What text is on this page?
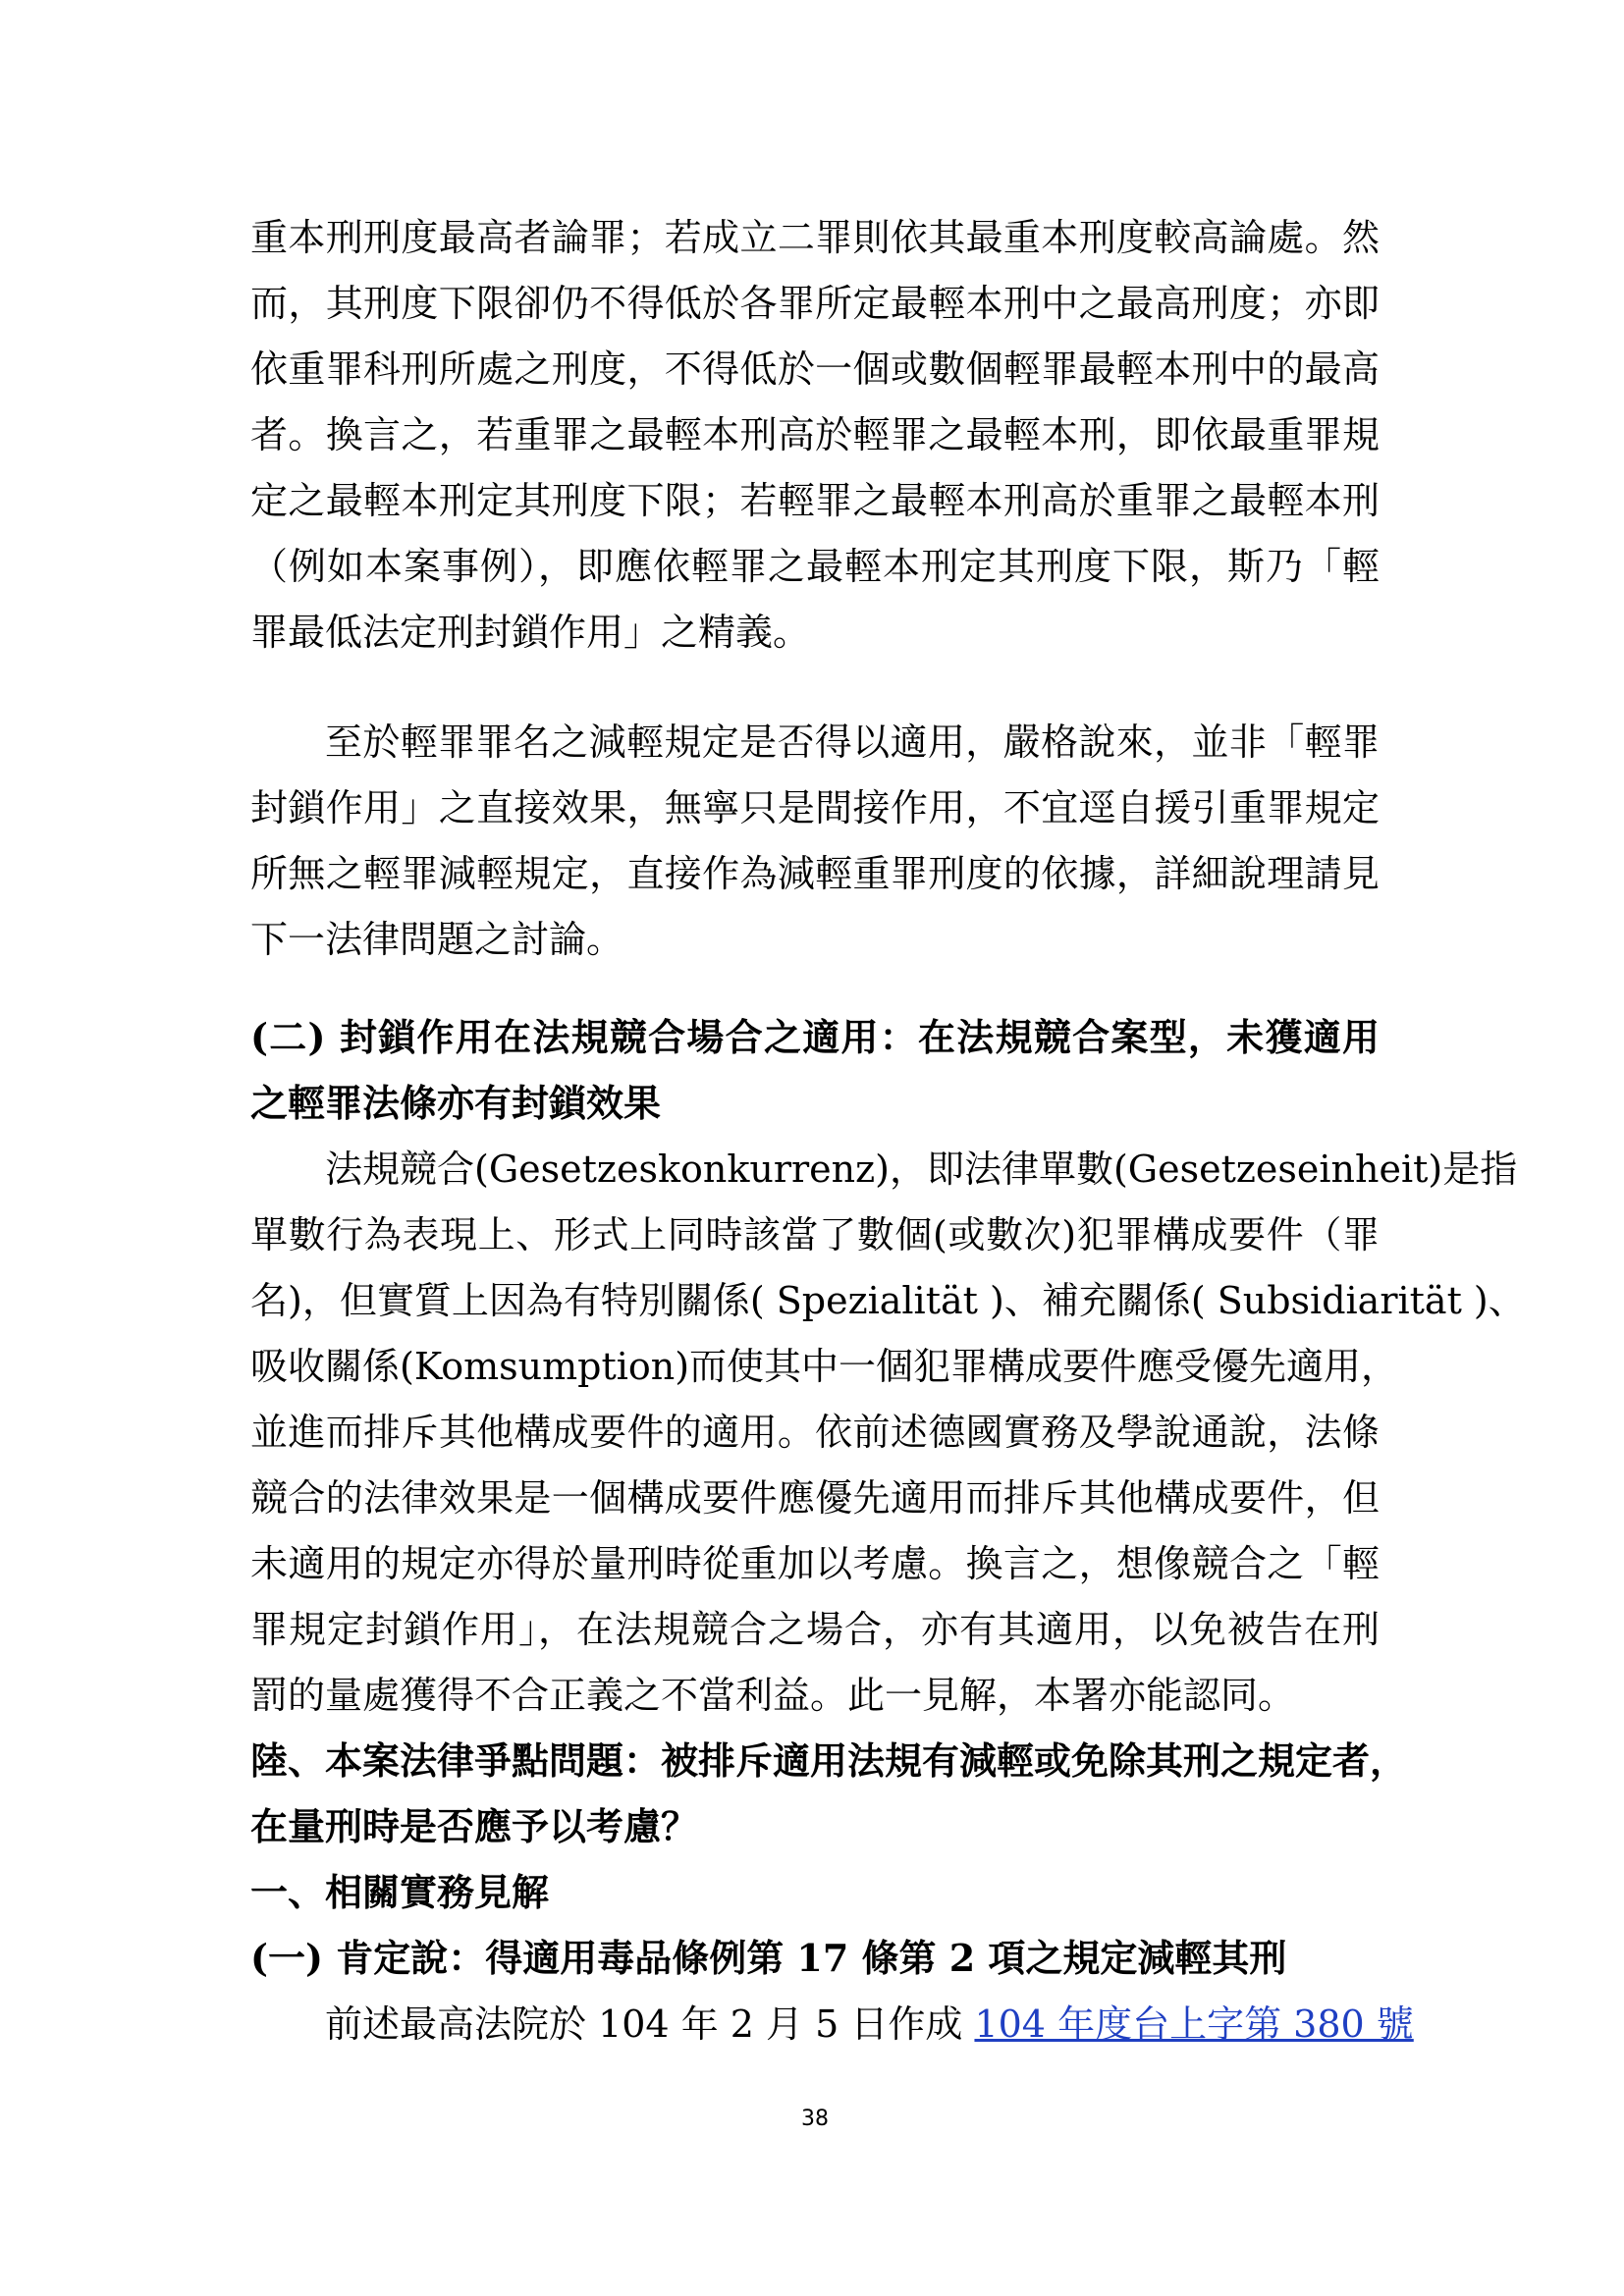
重本刑刑度最高者論罪；若成立二罪則依其最重本刑度較高論處。然
而，其刑度下限卻仍不得低於各罪所定最輕本刑中之最高刑度；亦即
依重罪科刑所處之刑度，不得低於一個或數個輕罪最輕本刑中的最高
者。換言之，若重罪之最輕本刑高於輕罪之最輕本刑，即依最重罪規
定之最輕本刑定其刑度下限；若輕罪之最輕本刑高於重罪之最輕本刑
（例如本案事例），即應依輕罪之最輕本刑定其刑度下限，斯乃「輕
罪最低法定刑封鎖作用」之精義。
至於輕罪罪名之減輕規定是否得以適用，嚴格說來，並非「輕罪
封鎖作用」之直接效果，無寧只是間接作用，不宜逕自援引重罪規定
所無之輕罪減輕規定，直接作為減輕重罪刑度的依據，詳細說理請見
下一法律問題之討論。
(二) 封鎖作用在法規競合場合之適用：在法規競合案型，未獲適用
之輕罪法條亦有封鎖效果
法規競合(Gesetzeskonkurrenz)，即法律單數(Gesetzeseinheit)是指
單數行為表現上、形式上同時該當了數個(或數次)犯罪構成要件（罪
名)，但實質上因為有特別關係( Spezialität )、補充關係( Subsidiarität )、
吸收關係(Komsumption)而使其中一個犯罪構成要件應受優先適用，
並進而排斥其他構成要件的適用。依前述德國實務及學說通說，法條
競合的法律效果是一個構成要件應優先適用而排斥其他構成要件，但
未適用的規定亦得於量刑時從重加以考慮。換言之，想像競合之「輕
罪規定封鎖作用」，在法規競合之場合，亦有其適用，以免被告在刑
罰的量處獲得不合正義之不當利益。此一見解，本署亦能認同。
陸、本案法律爭點問題：被排斥適用法規有減輕或免除其刑之規定者，
在量刑時是否應予以考慮？
一、相關實務見解
(一) 肯定說：得適用毒品條例第 17 條第 2 項之規定減輕其刑
前述最高法院於 104 年 2 月 5 日作成 104 年度台上字第 380 號
38
